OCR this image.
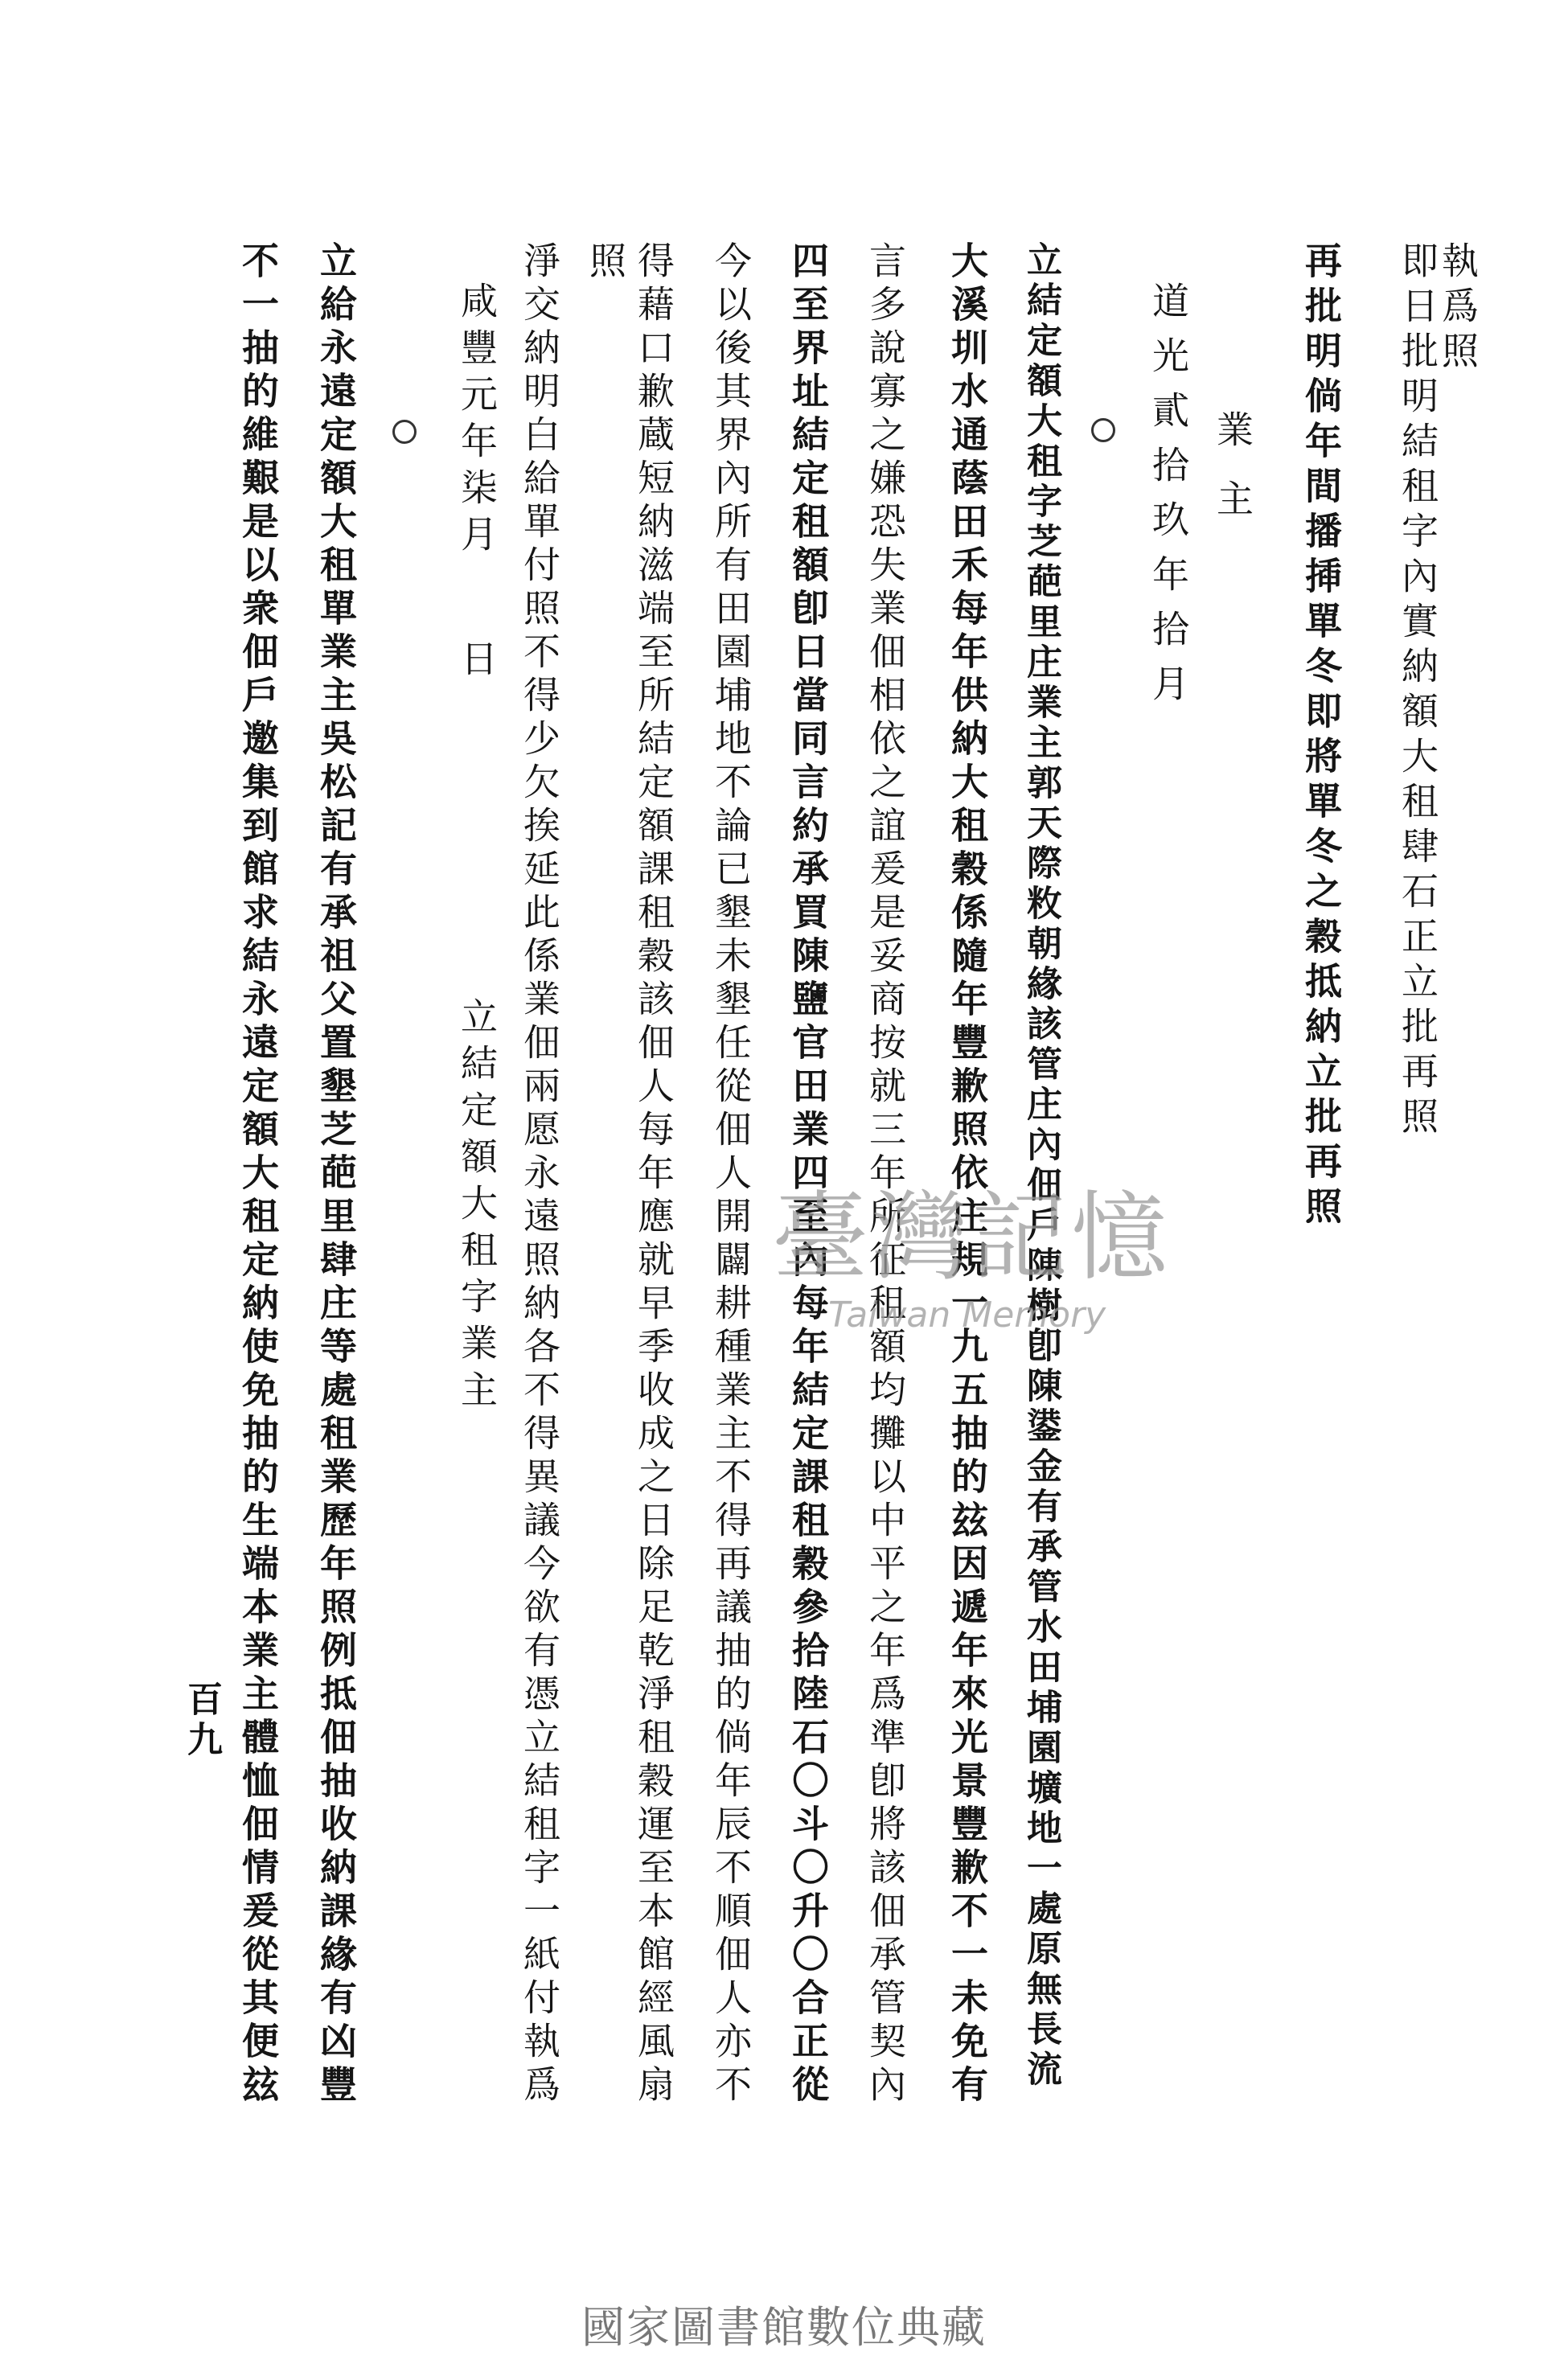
執爲照
即日批明結租字內實納額大租肆石正立批再照
再批明倘年間播揷單冬即將單冬之穀抵納立批再照
業主
道光貳拾玖年拾月
立結定額大租字芝葩里庄業主郭天際敉朝緣該管庄內佃戶陳樹卽陳鍙金有承管水田埔園壙地一處原無長流
大溪圳水通蔭田禾每年供納大租穀係隨年豐歉照依庄規一九五抽的玆因遞年來光景豐歉不一未免有
言多說寡之嫌恐失業佃相依之誼爰是妥商按就三年所征租額均攤以中平之年爲準卽將該佃承管契內
四至界址結定租額卽日當同言約承買陳鹽官田業四至內每年結定課租穀參拾陸石〇斗〇升〇合正從
今以後其界內所有田園埔地不論已墾未墾任從佃人開闢耕種業主不得再議抽的倘年辰不順佃人亦不
得藉口歉蔵短納滋端至所結定額課租穀該佃人每年應就早季收成之日除足乾淨租穀運至本館經風扇
淨交納明白給單付照不得少欠挨延此係業佃兩愿永遠照納各不得異議今欲有憑立結租字一紙付執爲 照
立結定額大租字業主
咸豐元年柒月
日
立給永遠定額大租單業主吳松記有承祖父置墾芝葩里肆庄等處租業歷年照例抵佃抽收納課緣有凶豐
不一抽的維艱是以衆佃戶邀集到館求結永遠定額大租定納使免抽的生端本業主體恤佃情爰從其便玆
百九
臺灣記憶
Taiwan Memory
國家圖書館數位典藏
